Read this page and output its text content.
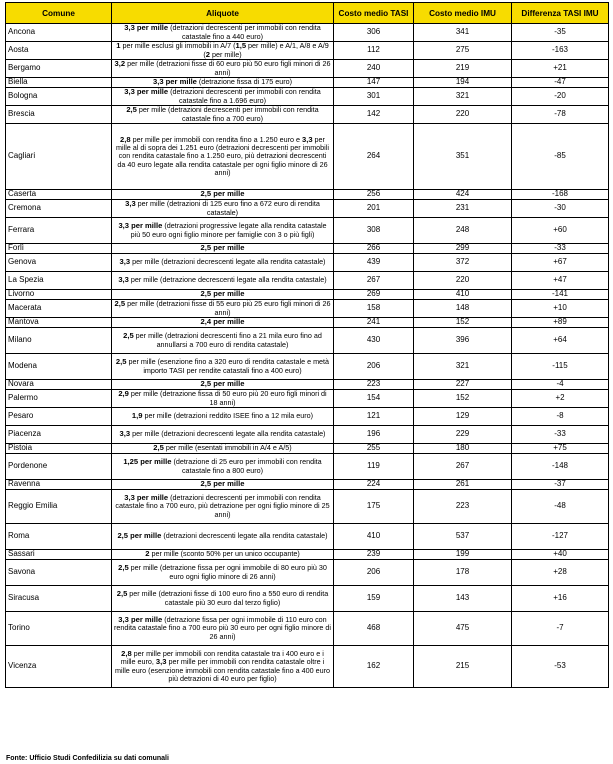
Comune	Aliquote	Costo medio TASI	Costo medio IMU	Differenza TASI IMU
Ancona	3,3 per mille (detrazioni decrescenti per immobili con rendita catastale fino a 440 euro)	306	341	-35
Aosta	1 per mille esclusi gli immobili in A/7 (1,5 per mille) e A/1, A/8 e A/9 (2 per mille)	112	275	-163
Bergamo	3,2 per mille (detrazioni fisse di 60 euro più 50 euro figli minori di 26 anni)	240	219	+21
Biella	3,3 per mille (detrazione fissa di 175 euro)	147	194	-47
Bologna	3,3 per mille (detrazioni decrescenti per immobili con rendita catastale fino a 1.696 euro)	301	321	-20
Brescia	2,5 per mille (detrazioni decrescenti per immobili con rendita catastale fino a 700 euro)	142	220	-78
Cagliari	2,8 per mille per immobili con rendita fino a 1.250 euro e 3,3 per mille al di sopra dei 1.251 euro (detrazioni decrescenti per immobili con rendita catastale fino a 1.250 euro, più detrazioni decrescenti da 40 euro legate alla rendita catastale per ogni figlio minore di 26 anni)	264	351	-85
Caserta	2,5 per mille	256	424	-168
Cremona	3,3 per mille (detrazioni di 125 euro fino a 672 euro di rendita catastale)	201	231	-30
Ferrara	3,3 per mille (detrazioni progressive legate alla rendita catastale più 50 euro ogni figlio minore per famiglie con 3 o più figli)	308	248	+60
Forlì	2,5 per mille	266	299	-33
Genova	3,3 per mille (detrazioni decrescenti legate alla rendita catastale)	439	372	+67
La Spezia	3,3 per mille (detrazione decrescenti legate alla rendita catastale)	267	220	+47
Livorno	2,5 per mille	269	410	-141
Macerata	2,5 per mille (detrazioni fisse di 55 euro più 25 euro figli minori di 26 anni)	158	148	+10
Mantova	2,4 per mille	241	152	+89
Milano	2,5 per mille (detrazioni decrescenti fino a 21 mila euro fino ad annullarsi a 700 euro di rendita catastale)	430	396	+64
Modena	2,5 per mille (esenzione fino a 320 euro di rendita catastale e metà importo TASI per rendite catastali fino a 400 euro)	206	321	-115
Novara	2,5 per mille	223	227	-4
Palermo	2,9 per mille (detrazione fissa di 50 euro più 20 euro figli minori di 18 anni)	154	152	+2
Pesaro	1,9 per mille (detrazioni reddito ISEE fino a 12 mila euro)	121	129	-8
Piacenza	3,3 per mille (detrazioni decrescenti legate alla rendita catastale)	196	229	-33
Pistoia	2,5 per mille (esentati immobili in A/4 e A/5)	255	180	+75
Pordenone	1,25 per mille (detrazione di 25 euro per immobili con rendita catastale fino a 800 euro)	119	267	-148
Ravenna	2,5 per mille	224	261	-37
Reggio Emilia	3,3 per mille (detrazioni decrescenti per immobili con rendita catastale fino a 700 euro, più detrazione per ogni figlio minore di 25 anni)	175	223	-48
Roma	2,5 per mille (detrazioni decrescenti legate alla rendita catastale)	410	537	-127
Sassari	2 per mille (sconto 50% per un unico occupante)	239	199	+40
Savona	2,5 per mille (detrazione fissa per ogni immobile di 80 euro più 30 euro ogni figlio minore di 26 anni)	206	178	+28
Siracusa	2,5 per mille (detrazioni fisse di 100 euro fino a 550 euro di rendita catastale più 30 euro dal terzo figlio)	159	143	+16
Torino	3,3 per mille (detrazione fissa per ogni immobile di 110 euro con rendita catastale fino a 700 euro più 30 euro per ogni figlio minore di 26 anni)	468	475	-7
Vicenza	2,8 per mille per immobili con rendita catastale tra i 400 euro e i mille euro, 3,3 per mille per immobili con rendita catastale oltre i mille euro (esenzione immobili con rendita catastale fino a 400 euro più detrazioni di 40 euro per figlio)	162	215	-53
Fonte: Ufficio Studi Confedilizia su dati comunali
